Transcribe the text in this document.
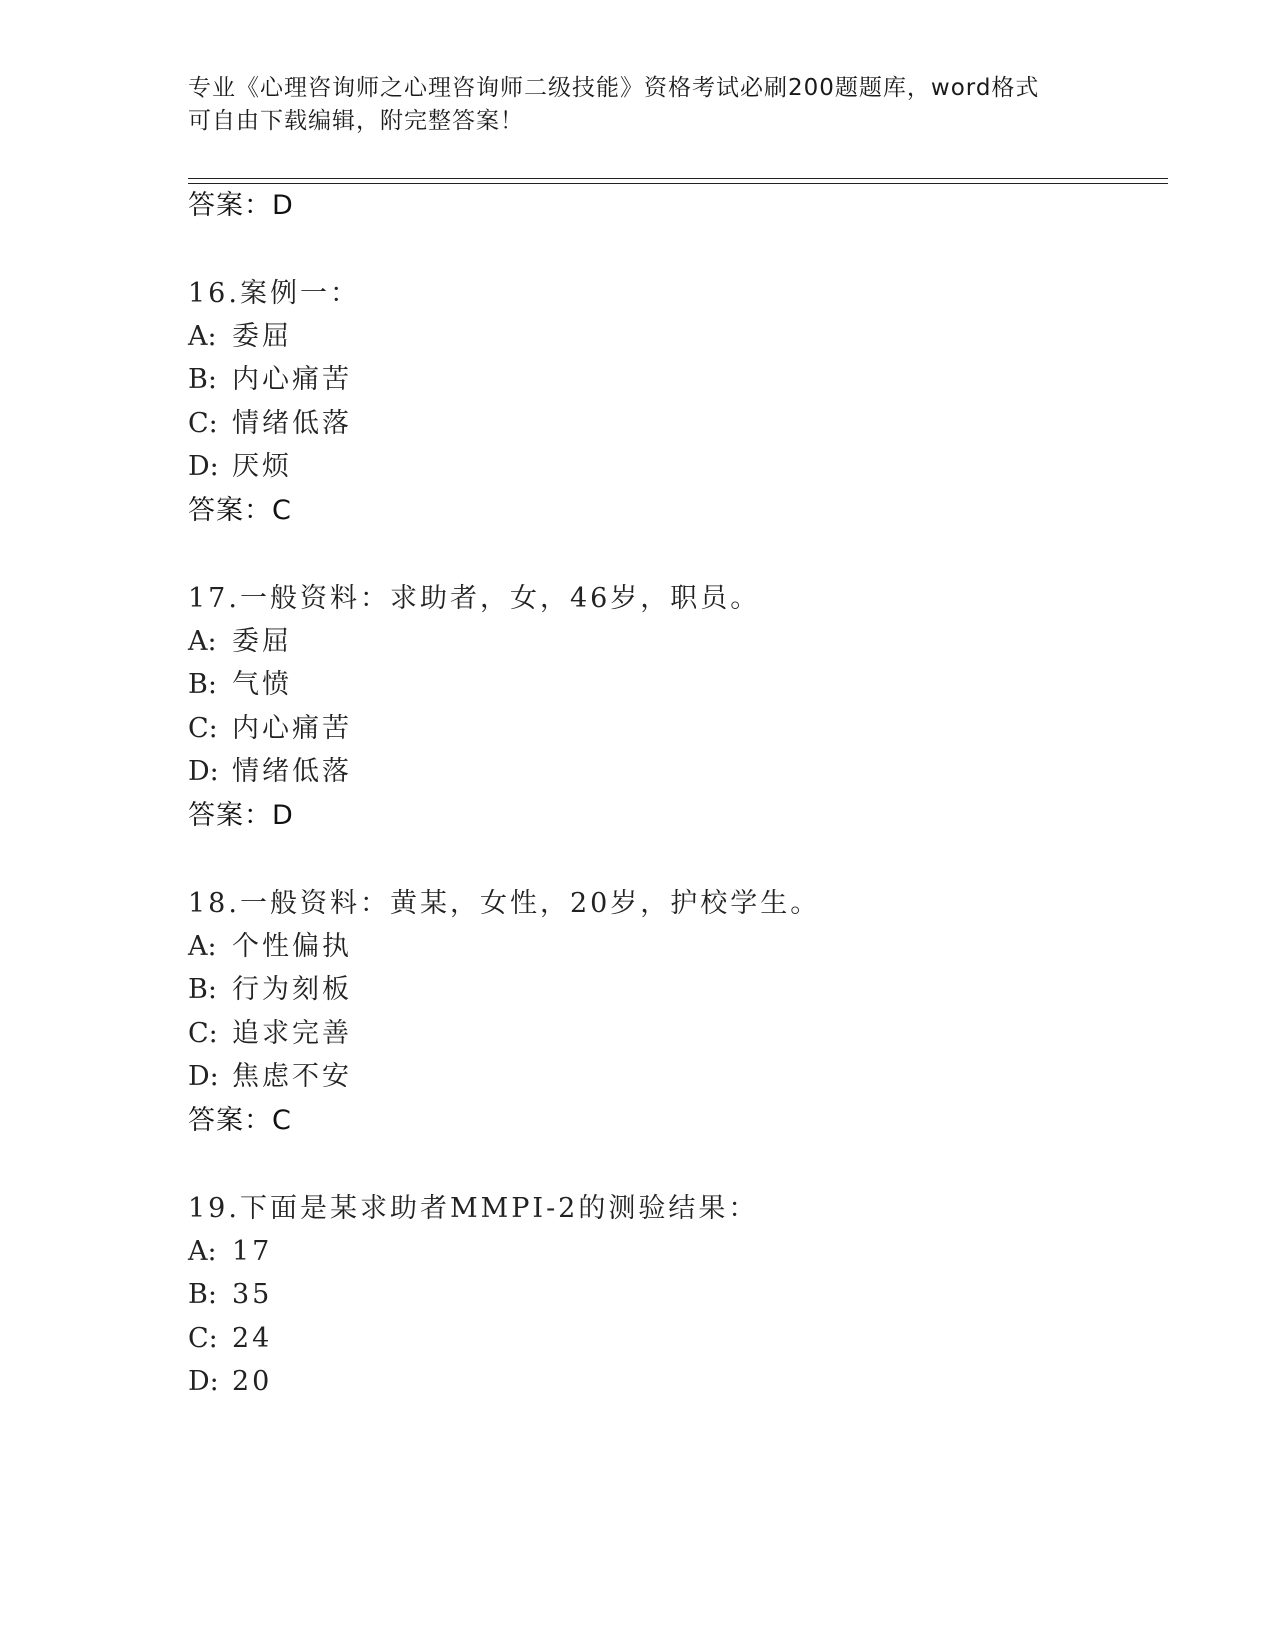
专业《心理咨询师之心理咨询师二级技能》资格考试必刷200题题库，word格式
可自由下载编辑，附完整答案！
答案：D
16.案例一：
A: 委屈
B: 内心痛苦
C: 情绪低落
D: 厌烦
答案：C
17.一般资料：求助者，女，46岁，职员。
A: 委屈
B: 气愤
C: 内心痛苦
D: 情绪低落
答案：D
18.一般资料：黄某，女性，20岁，护校学生。
A: 个性偏执
B: 行为刻板
C: 追求完善
D: 焦虑不安
答案：C
19.下面是某求助者MMPI-2的测验结果：
A: 17
B: 35
C: 24
D: 20
